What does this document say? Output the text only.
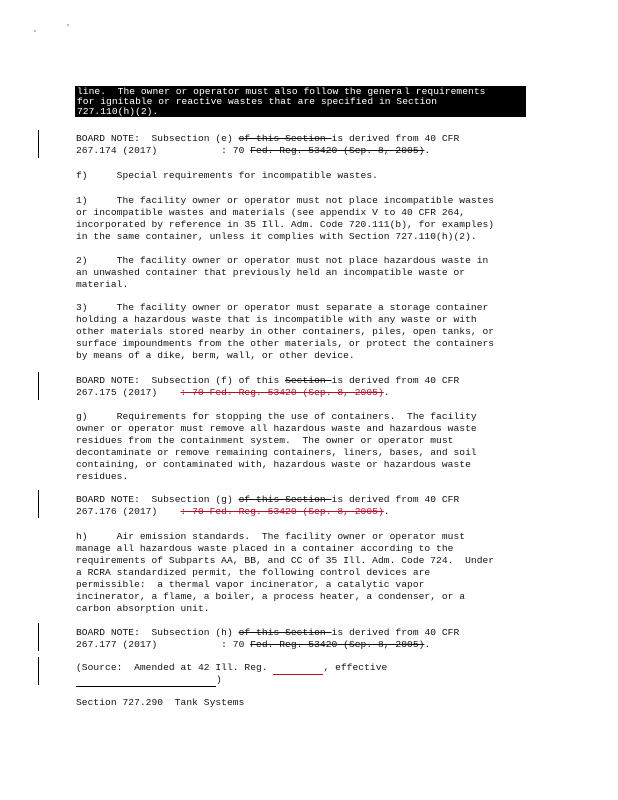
line.  The owner or operator must also follow the genera l requirements
for ignitable or reactive wastes that are specified in Section
727.110(h)(2).
BOARD NOTE:  Subsection (e) of this Section is derived from 40 CFR
267.174 (2017)           : 70 Fed. Reg. 53420 (Sep. 8, 2005).
f)     Special requirements for incompatible wastes.
1)     The facility owner or operator must not place incompatible wastes
or incompatible wastes and materials (see appendix V to 40 CFR 264,
incorporated by reference in 35 Ill. Adm. Code 720.111(b), for examples)
in the same container, unless it complies with Section 727.110(h)(2).
2)     The facility owner or operator must not place hazardous waste in
an unwashed container that previously held an incompatible waste or
material.
3)     The facility owner or operator must separate a storage container
holding a hazardous waste that is incompatible with any waste or with
other materials stored nearby in other containers, piles, open tanks, or
surface impoundments from the other materials, or protect the containers
by means of a dike, berm, wall, or other device.
BOARD NOTE:  Subsection (f) of this Section is derived from 40 CFR
267.175 (2017)    : 70 Fed. Reg. 53420 (Sep. 8, 2005).
g)     Requirements for stopping the use of containers.  The facility
owner or operator must remove all hazardous waste and hazardous waste
residues from the containment system.  The owner or operator must
decontaminate or remove remaining containers, liners, bases, and soil
containing, or contaminated with, hazardous waste or hazardous waste
residues.
BOARD NOTE:  Subsection (g) of this Section is derived from 40 CFR
267.176 (2017)    : 70 Fed. Reg. 53420 (Sep. 8, 2005).
h)     Air emission standards.  The facility owner or operator must
manage all hazardous waste placed in a container according to the
requirements of Subparts AA, BB, and CC of 35 Ill. Adm. Code 724.  Under
a RCRA standardized permit, the following control devices are
permissible:  a thermal vapor incinerator, a catalytic vapor
incinerator, a flame, a boiler, a process heater, a condenser, or a
carbon absorption unit.
BOARD NOTE:  Subsection (h) of this Section is derived from 40 CFR
267.177 (2017)           : 70 Fed. Reg. 53420 (Sep. 8, 2005).
(Source:  Amended at 42 Ill. Reg.	, effective
)
Section 727.290  Tank Systems
